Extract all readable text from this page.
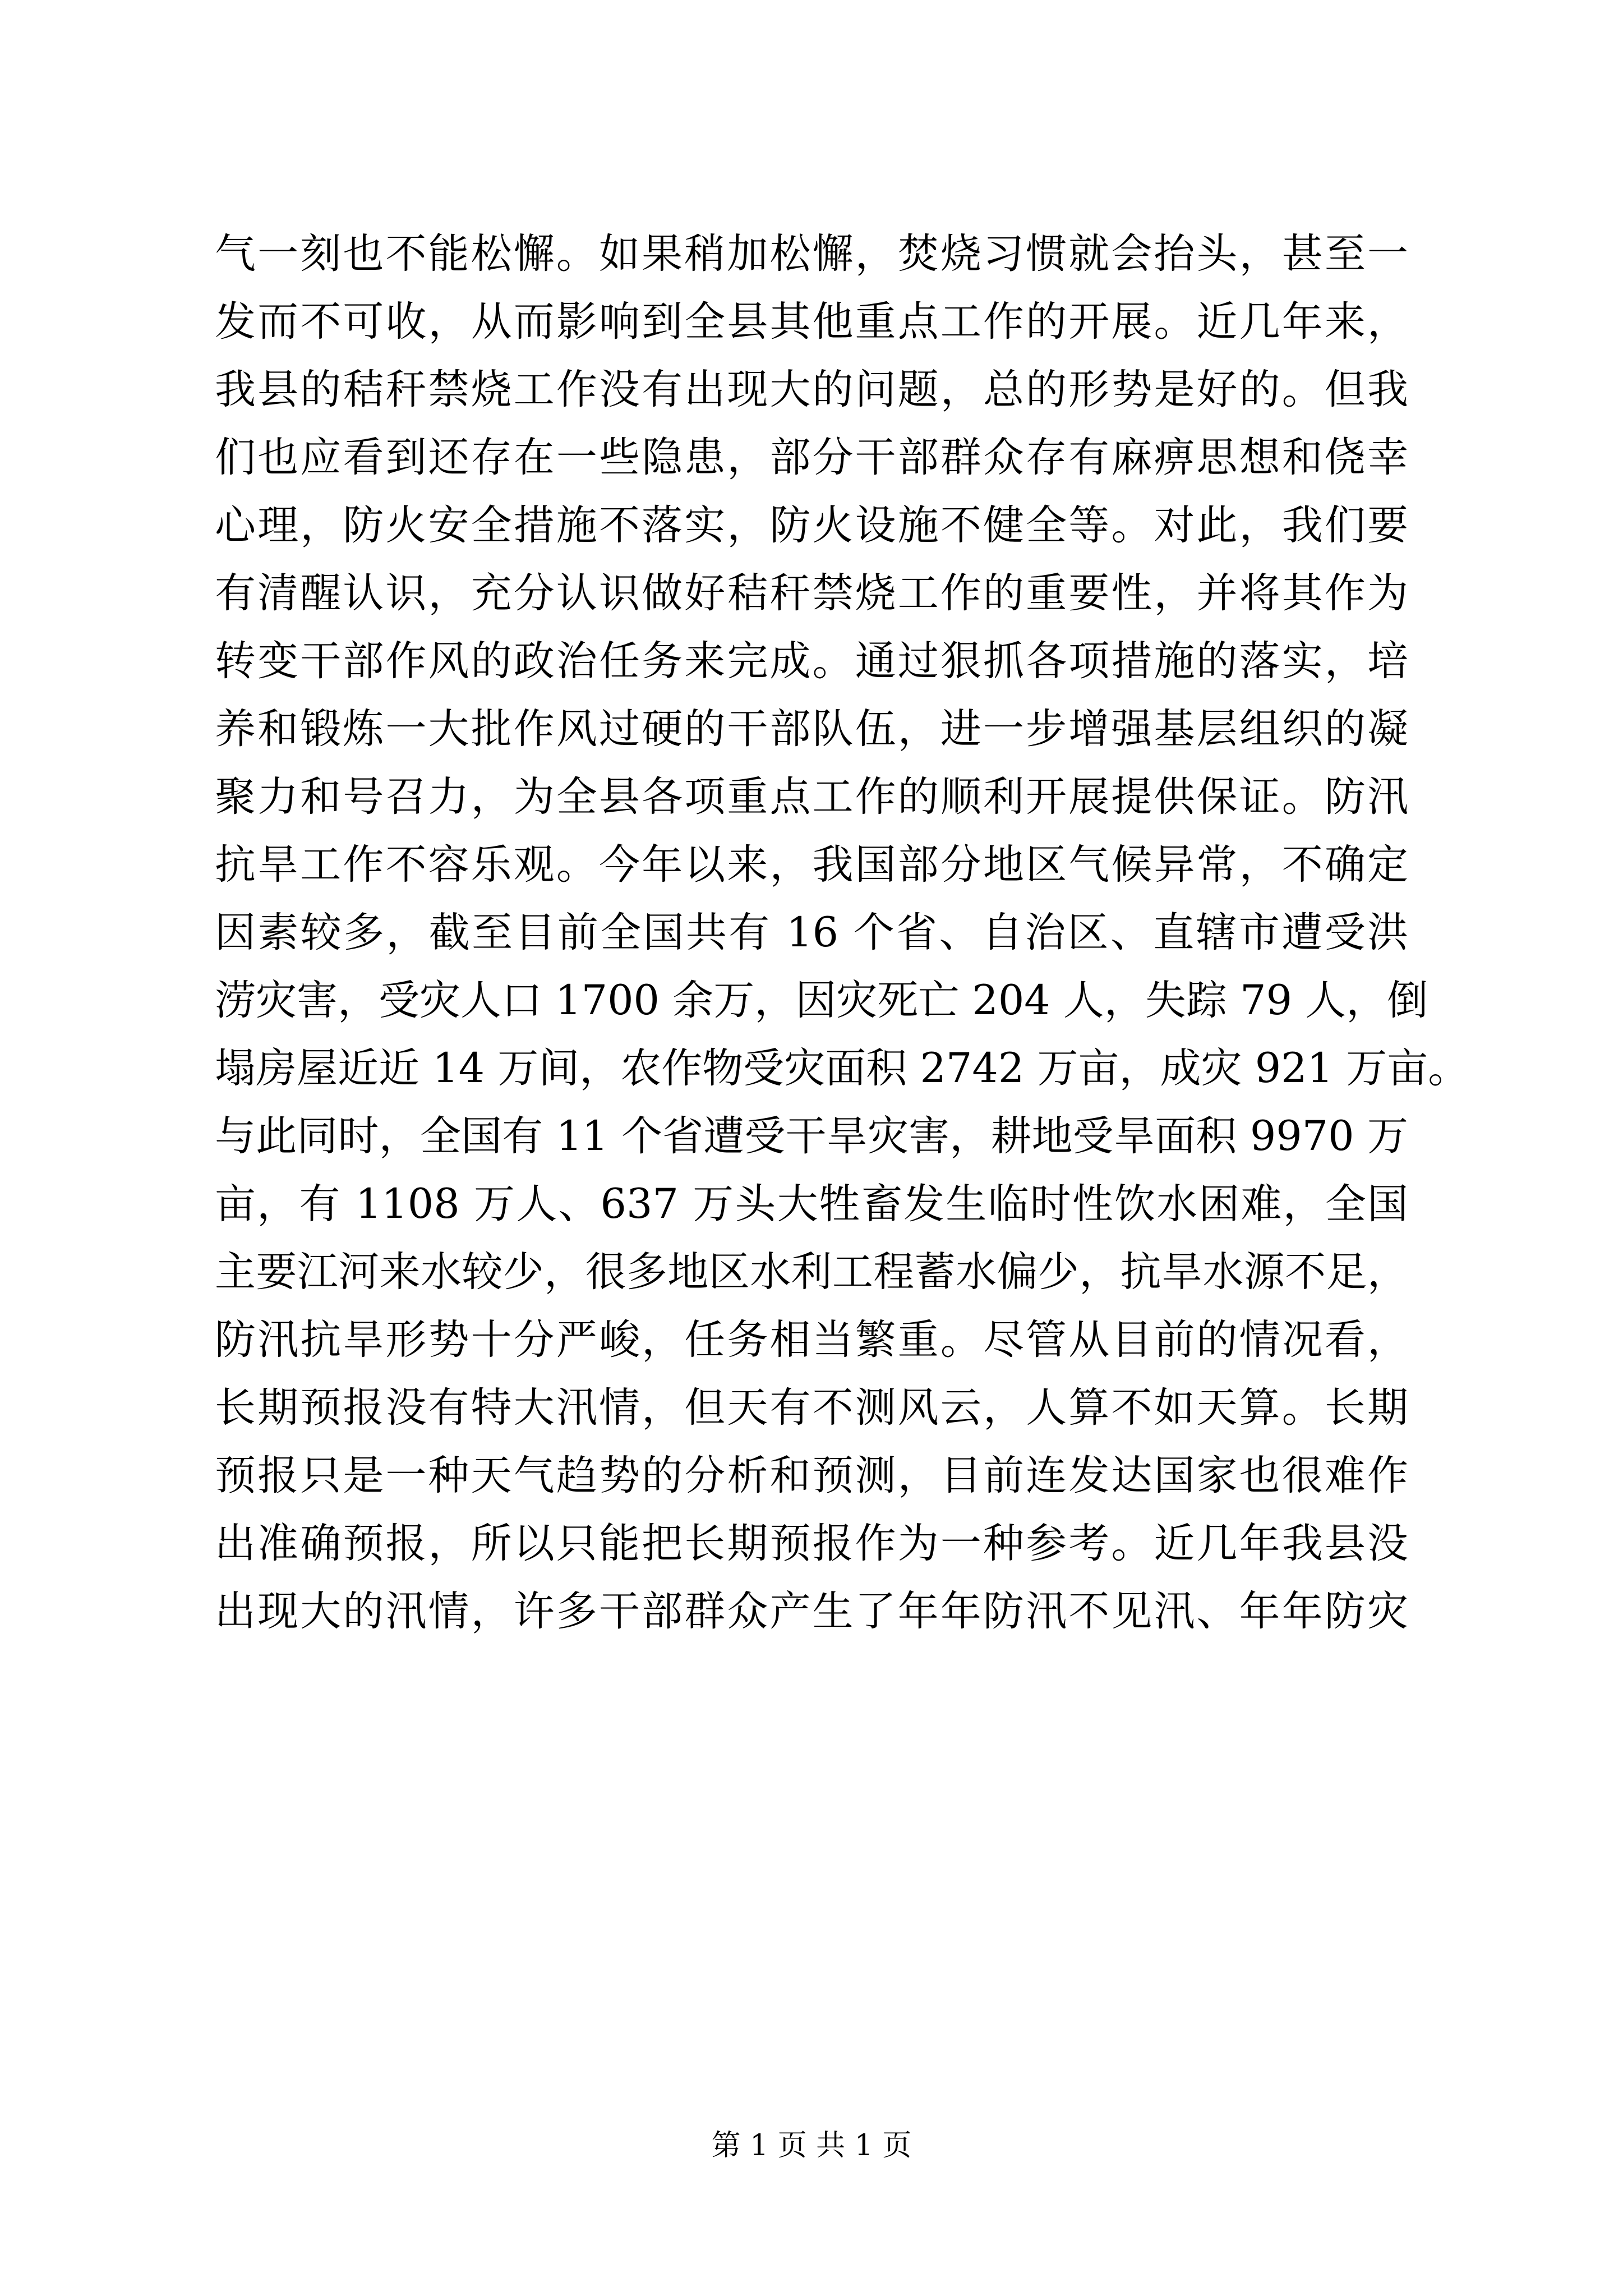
气一刻也不能松懈。如果稍加松懈，焚烧习惯就会抬头，甚至一
发而不可收，从而影响到全县其他重点工作的开展。近几年来，
我县的秸秆禁烧工作没有出现大的问题，总的形势是好的。但我
们也应看到还存在一些隐患，部分干部群众存有麻痹思想和侥幸
心理，防火安全措施不落实，防火设施不健全等。对此，我们要
有清醒认识，充分认识做好秸秆禁烧工作的重要性，并将其作为
转变干部作风的政治任务来完成。通过狠抓各项措施的落实，培
养和锻炼一大批作风过硬的干部队伍，进一步增强基层组织的凝
聚力和号召力，为全县各项重点工作的顺利开展提供保证。防汛
抗旱工作不容乐观。今年以来，我国部分地区气候异常，不确定
因素较多，截至目前全国共有 16 个省、自治区、直辖市遭受洪
涝灾害，受灾人口 1700 余万，因灾死亡 204 人，失踪 79 人，倒
塌房屋近近 14 万间，农作物受灾面积 2742 万亩，成灾 921 万亩。
与此同时，全国有 11 个省遭受干旱灾害，耕地受旱面积 9970 万
亩，有 1108 万人、637 万头大牲畜发生临时性饮水困难，全国
主要江河来水较少，很多地区水利工程蓄水偏少，抗旱水源不足，
防汛抗旱形势十分严峻，任务相当繁重。尽管从目前的情况看，
长期预报没有特大汛情，但天有不测风云，人算不如天算。长期
预报只是一种天气趋势的分析和预测，目前连发达国家也很难作
出准确预报，所以只能把长期预报作为一种参考。近几年我县没
出现大的汛情，许多干部群众产生了年年防汛不见汛、年年防灾
第 1 页 共 1 页
